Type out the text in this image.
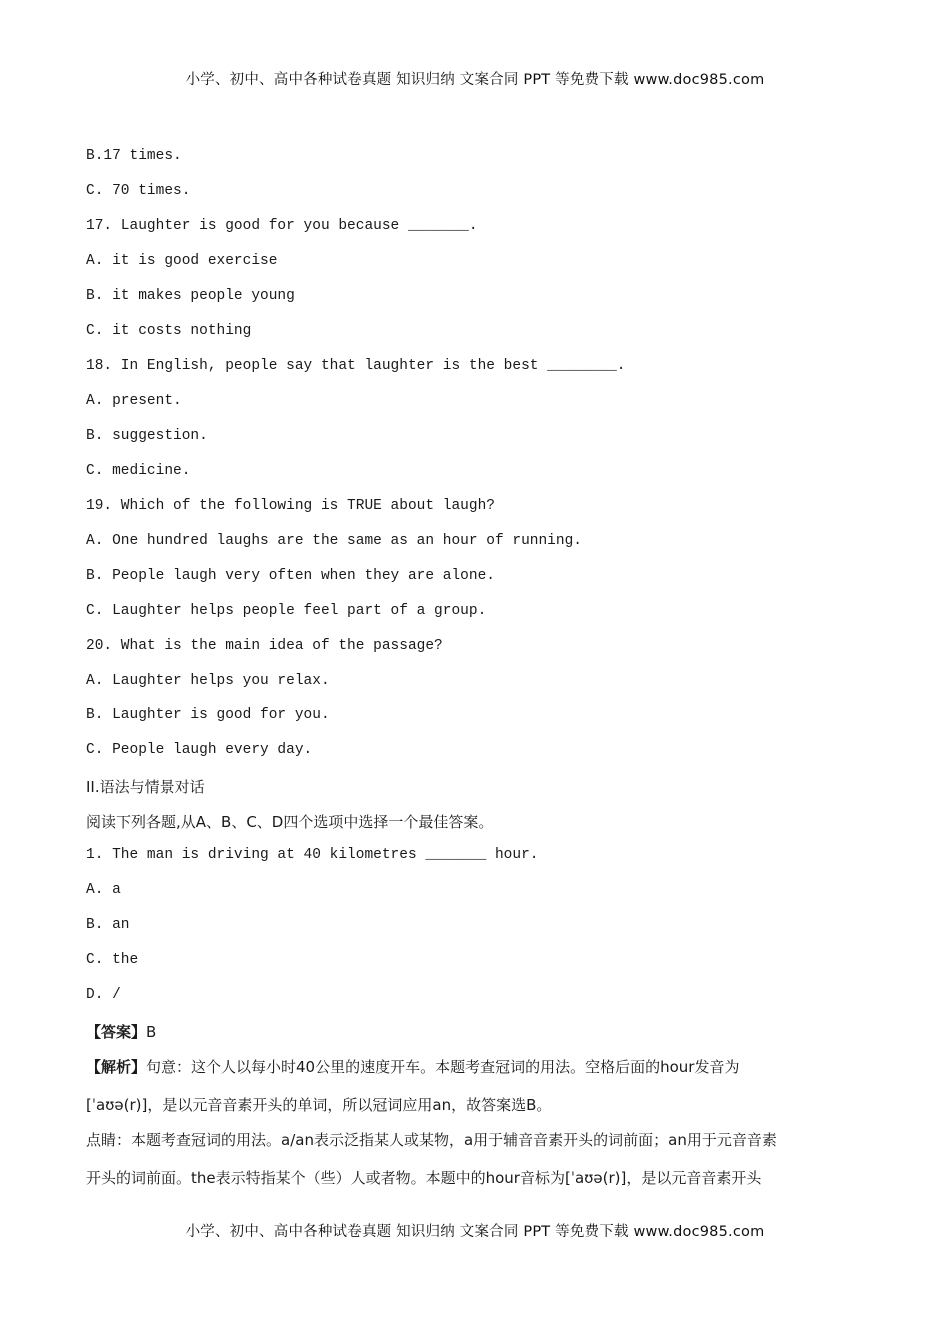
小学、初中、高中各种试卷真题 知识归纳 文案合同 PPT 等免费下载 www.doc985.com
B.17 times.
C. 70 times.
17. Laughter is good for you because _______.
A. it is good exercise
B. it makes people young
C. it costs nothing
18. In English, people say that laughter is the best ________.
A. present.
B. suggestion.
C. medicine.
19. Which of the following is TRUE about laugh?
A. One hundred laughs are the same as an hour of running.
B. People laugh very often when they are alone.
C. Laughter helps people feel part of a group.
20. What is the main idea of the passage?
A. Laughter helps you relax.
B. Laughter is good for you.
C. People laugh every day.
II.语法与情景对话
阅读下列各题,从A、B、C、D四个选项中选择一个最佳答案。
1. The man is driving at 40 kilometres _______ hour.
A. a
B. an
C. the
D. /
【答案】B
【解析】句意：这个人以每小时40公里的速度开车。本题考查冠词的用法。空格后面的hour发音为
[ˈaʊə(r)]，是以元音音素开头的单词，所以冠词应用an，故答案选B。
点睛：本题考查冠词的用法。a/an表示泛指某人或某物，a用于辅音音素开头的词前面；an用于元音音素
开头的词前面。the表示特指某个（些）人或者物。本题中的hour音标为[ˈaʊə(r)]，是以元音音素开头
小学、初中、高中各种试卷真题 知识归纳 文案合同 PPT 等免费下载 www.doc985.com
